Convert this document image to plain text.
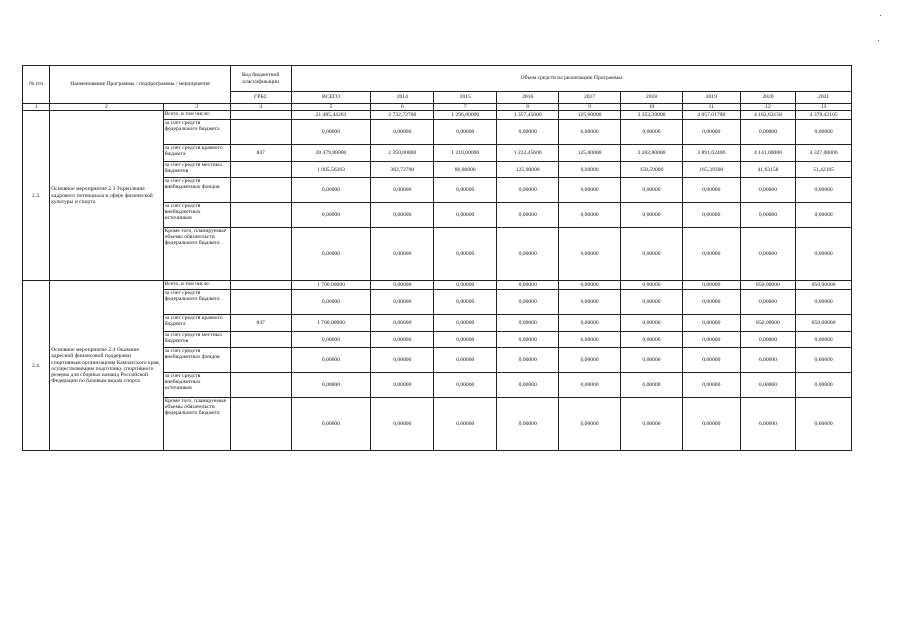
№ п/п	Наименование Программы / подпрограммы / мероприятия		Код бюджетной классификации	Объем средств на реализацию Программы								
			ГРБС	ВСЕГО	2014	2015	2016	2017	2018	2019	2020	2021
1	2	3	4	5	6	7	8	9	10	11	12	13
2.3.	Основное мероприятие 2.3 Укрепление кадрового потенциала в сфере физической культуры и спорта	Всего, в том числе:		21 485,44263	2 732,72700	1 296,80000	1 357,45600	125,00000	3 353,39000	4 057,01700	4 182,63158	4 378,42105
		за счет средств федерального бюджета		0,00000	0,00000	0,00000	0,00000	0,00000	0,00000	0,00000	0,00000	0,00000
		за счет средств краевого бюджета	847	20 479,88000	2 350,00000	1 210,00000	1 232,45600	125,00000	3 202,80000	3 891,62400	4 141,00000	4 327,00000
		за счет средств местных бюджетов		1 005,56263	382,72700	86,80000	125,00000	0,00000	150,59000	165,39300	41,63158	51,42105
		за счет средств внебюджетных фондов		0,00000	0,00000	0,00000	0,00000	0,00000	0,00000	0,00000	0,00000	0,00000
		за счет средств внебюджетных источников		0,00000	0,00000	0,00000	0,00000	0,00000	0,00000	0,00000	0,00000	0,00000
		Кроме того, планируемые объемы обязательств федерального бюджета		0,00000	0,00000	0,00000	0,00000	0,00000	0,00000	0,00000	0,00000	0,00000
2.4.	Основное мероприятие 2.4 Оказание адресной финансовой поддержки спортивным организациям Камчатского края, осуществляющим подготовку спортивного резерва для сборных команд Российской Федерации по базовым видам спорта	Всего, в том числе:		1 700,00000	0,00000	0,00000	0,00000	0,00000	0,00000	0,00000	850,00000	850,00000
		за счет средств федерального бюджета		0,00000	0,00000	0,00000	0,00000	0,00000	0,00000	0,00000	0,00000	0,00000
		за счет средств краевого бюджета	847	1 700,00000	0,00000	0,00000	0,00000	0,00000	0,00000	0,00000	850,00000	850,00000
		за счет средств местных бюджетов		0,00000	0,00000	0,00000	0,00000	0,00000	0,00000	0,00000	0,00000	0,00000
		за счет средств внебюджетных фондов		0,00000	0,00000	0,00000	0,00000	0,00000	0,00000	0,00000	0,00000	0,00000
		за счет средств внебюджетных источников		0,00000	0,00000	0,00000	0,00000	0,00000	0,00000	0,00000	0,00000	0,00000
		Кроме того, планируемые объемы обязательств федерального бюджета		0,00000	0,00000	0,00000	0,00000	0,00000	0,00000	0,00000	0,00000	0,00000
